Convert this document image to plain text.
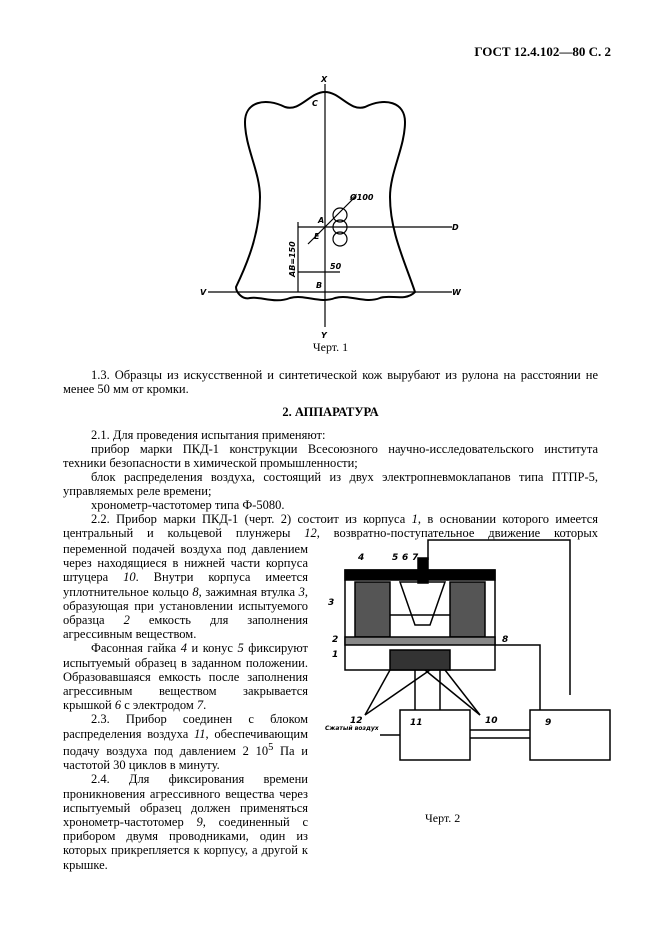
ГОСТ 12.4.102—80 С. 2
X
Y
V	W
C
A
B
D
E
Ø100
50
AB=150
Черт. 1
1.3. Образцы из искусственной и синтетической кож вырубают из рулона на расстоянии не менее 50 мм от кромки.
2. АППАРАТУРА
2.1. Для проведения испытания применяют:
прибор марки ПКД-1 конструкции Всесоюзного научно-исследовательского института техники безопасности в химической промышленности;
блок распределения воздуха, состоящий из двух электропневмоклапанов типа ПТПР-5, управляемых реле времени;
хронометр-частотомер типа Ф-5080.
2.2. Прибор марки ПКД-1 (черт. 2) состоит из корпуса 1, в основании которого имеется центральный и кольцевой плунжеры 12, возвратно-поступательное движение которых
переменной подачей воздуха под давлением через находящиеся в нижней части корпуса штуцера 10. Внутри корпуса имеется уплотнительное кольцо 8, зажимная втулка 3, образующая при установлении испытуемого образца 2 емкость для заполнения агрессивным веществом.
Фасонная гайка 4 и конус 5 фиксируют испытуемый образец в заданном положении. Образовавшаяся емкость после заполнения агрессивным веществом закрывается крышкой 6 с электродом 7.
2.3. Прибор соединен с блоком распределения воздуха 11, обеспечивающим подачу воздуха под давлением 2 $10^5$ Па и частотой 30 циклов в минуту.
2.4. Для фиксирования времени проникновения агрессивного вещества через испытуемый образец должен применяться хронометр-частотомер 9, соединенный с прибором двумя проводниками, один из которых прикрепляется к корпусу, а другой к крышке.
4	5 6 7
3
2
1
8
12	11	10	9
Сжатый воздух
Черт. 2
